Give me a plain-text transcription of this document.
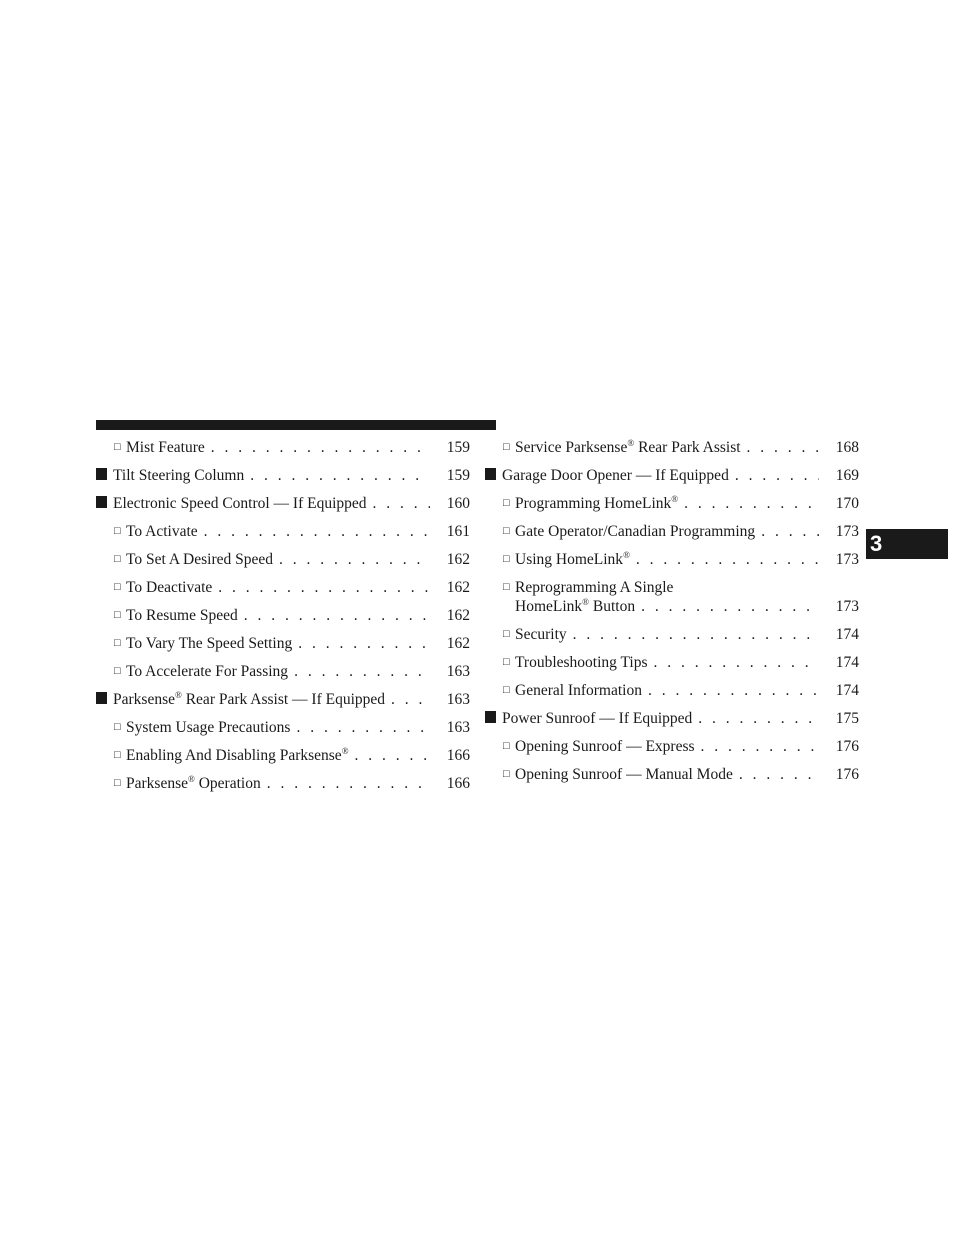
□ Mist Feature . . .	159
Tilt Steering Column . . .	159
Electronic Speed Control — If Equipped . . .	160
□ To Activate . . .	161
□ To Set A Desired Speed . . .	162
□ To Deactivate . . .	162
□ To Resume Speed . . .	162
□ To Vary The Speed Setting . . .	162
□ To Accelerate For Passing . . .	163
Parksense® Rear Park Assist — If Equipped . . .	163
□ System Usage Precautions . . .	163
□ Enabling And Disabling Parksense® . . .	166
□ Parksense® Operation . . .	166
□ Service Parksense® Rear Park Assist . . .	168
Garage Door Opener — If Equipped . . .	169
□ Programming HomeLink® . . .	170
□ Gate Operator/Canadian Programming . . .	173
□ Using HomeLink® . . .	173
□ Reprogramming A Single
HomeLink® Button . . .	173
□ Security . . .	174
□ Troubleshooting Tips . . .	174
□ General Information . . .	174
Power Sunroof — If Equipped . . .	175
□ Opening Sunroof — Express . . .	176
□ Opening Sunroof — Manual Mode . . .	176
3
